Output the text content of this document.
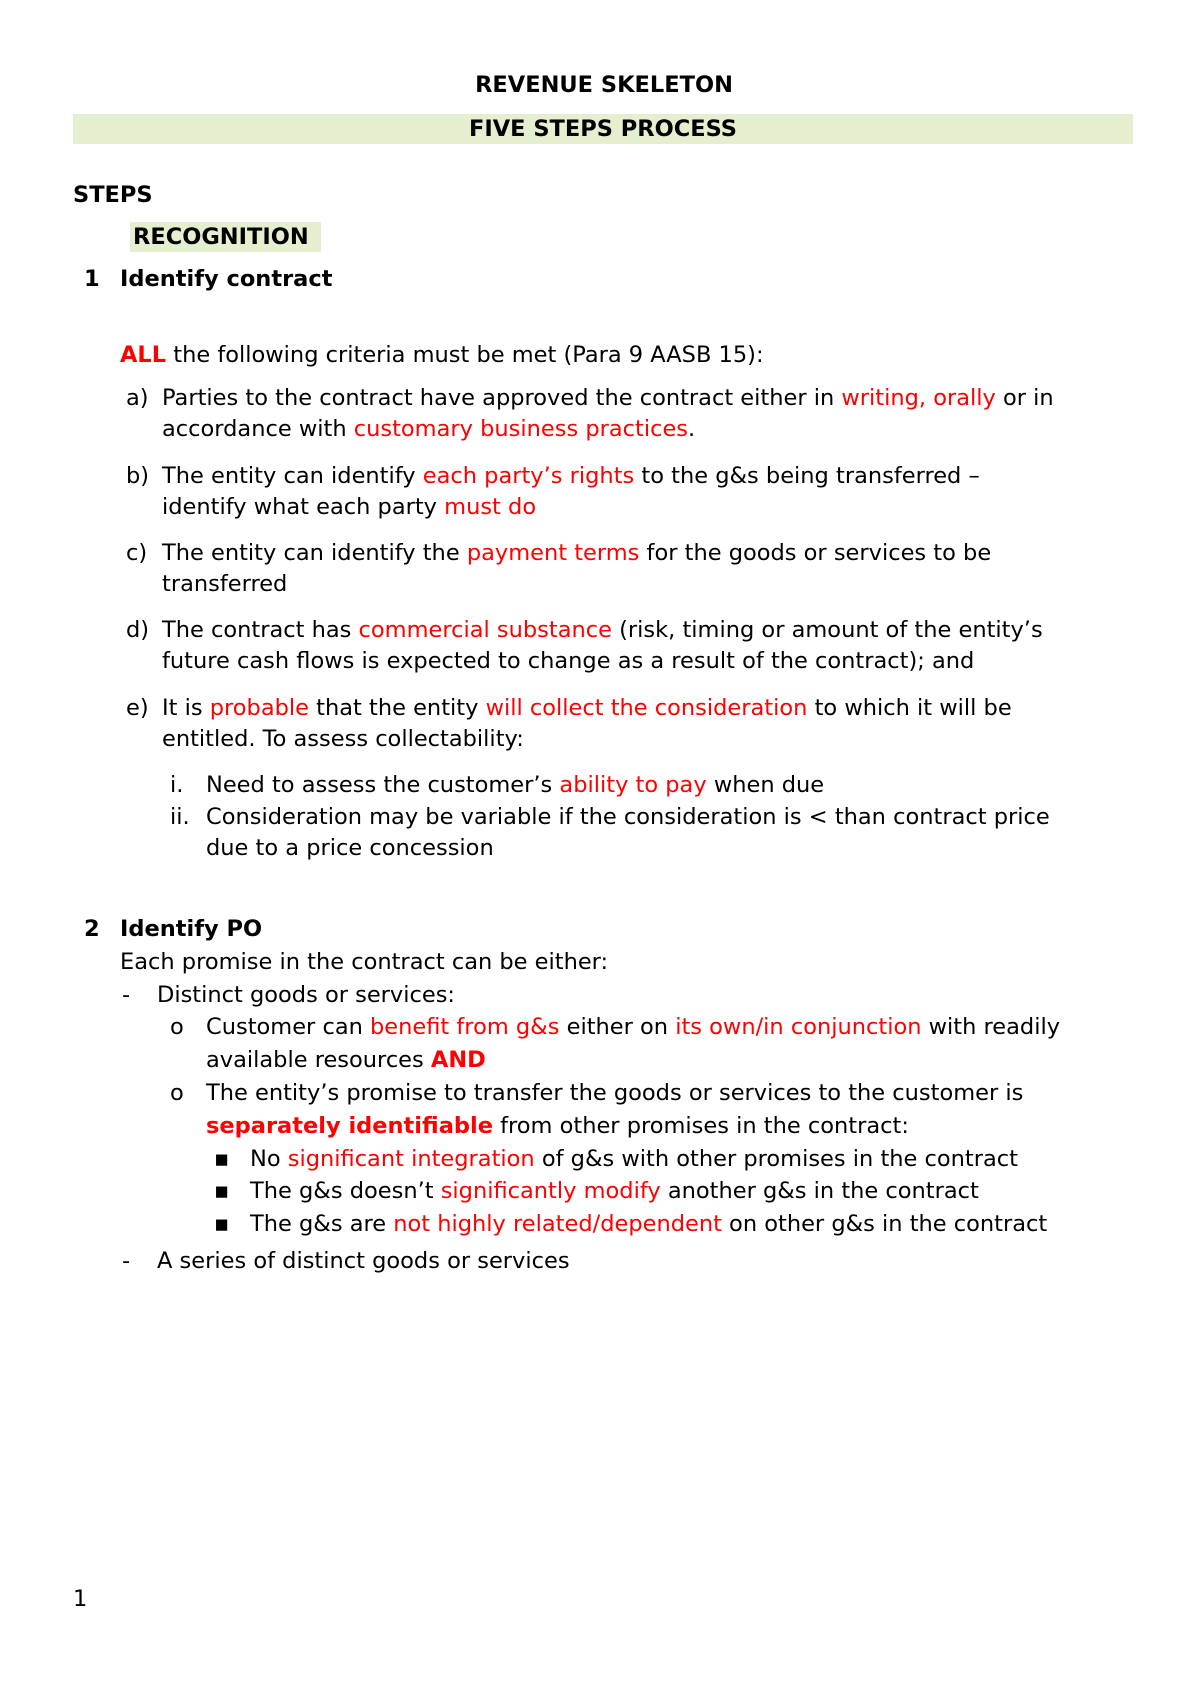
REVENUE SKELETON
FIVE STEPS PROCESS
STEPS
RECOGNITION
1 Identify contract
ALL the following criteria must be met (Para 9 AASB 15):
a) Parties to the contract have approved the contract either in writing, orally or in
accordance with customary business practices.
b) The entity can identify each party’s rights to the g&s being transferred –
identify what each party must do
c) The entity can identify the payment terms for the goods or services to be
transferred
d) The contract has commercial substance (risk, timing or amount of the entity’s
future cash flows is expected to change as a result of the contract); and
e) It is probable that the entity will collect the consideration to which it will be
entitled. To assess collectability:
i. Need to assess the customer’s ability to pay when due
ii. Consideration may be variable if the consideration is < than contract price
due to a price concession
2 Identify PO
Each promise in the contract can be either:
- Distinct goods or services:
o Customer can benefit from g&s either on its own/in conjunction with readily
available resources AND
o The entity’s promise to transfer the goods or services to the customer is
separately identifiable from other promises in the contract:
▪ No significant integration of g&s with other promises in the contract
▪ The g&s doesn’t significantly modify another g&s in the contract
▪ The g&s are not highly related/dependent on other g&s in the contract
- A series of distinct goods or services
1
